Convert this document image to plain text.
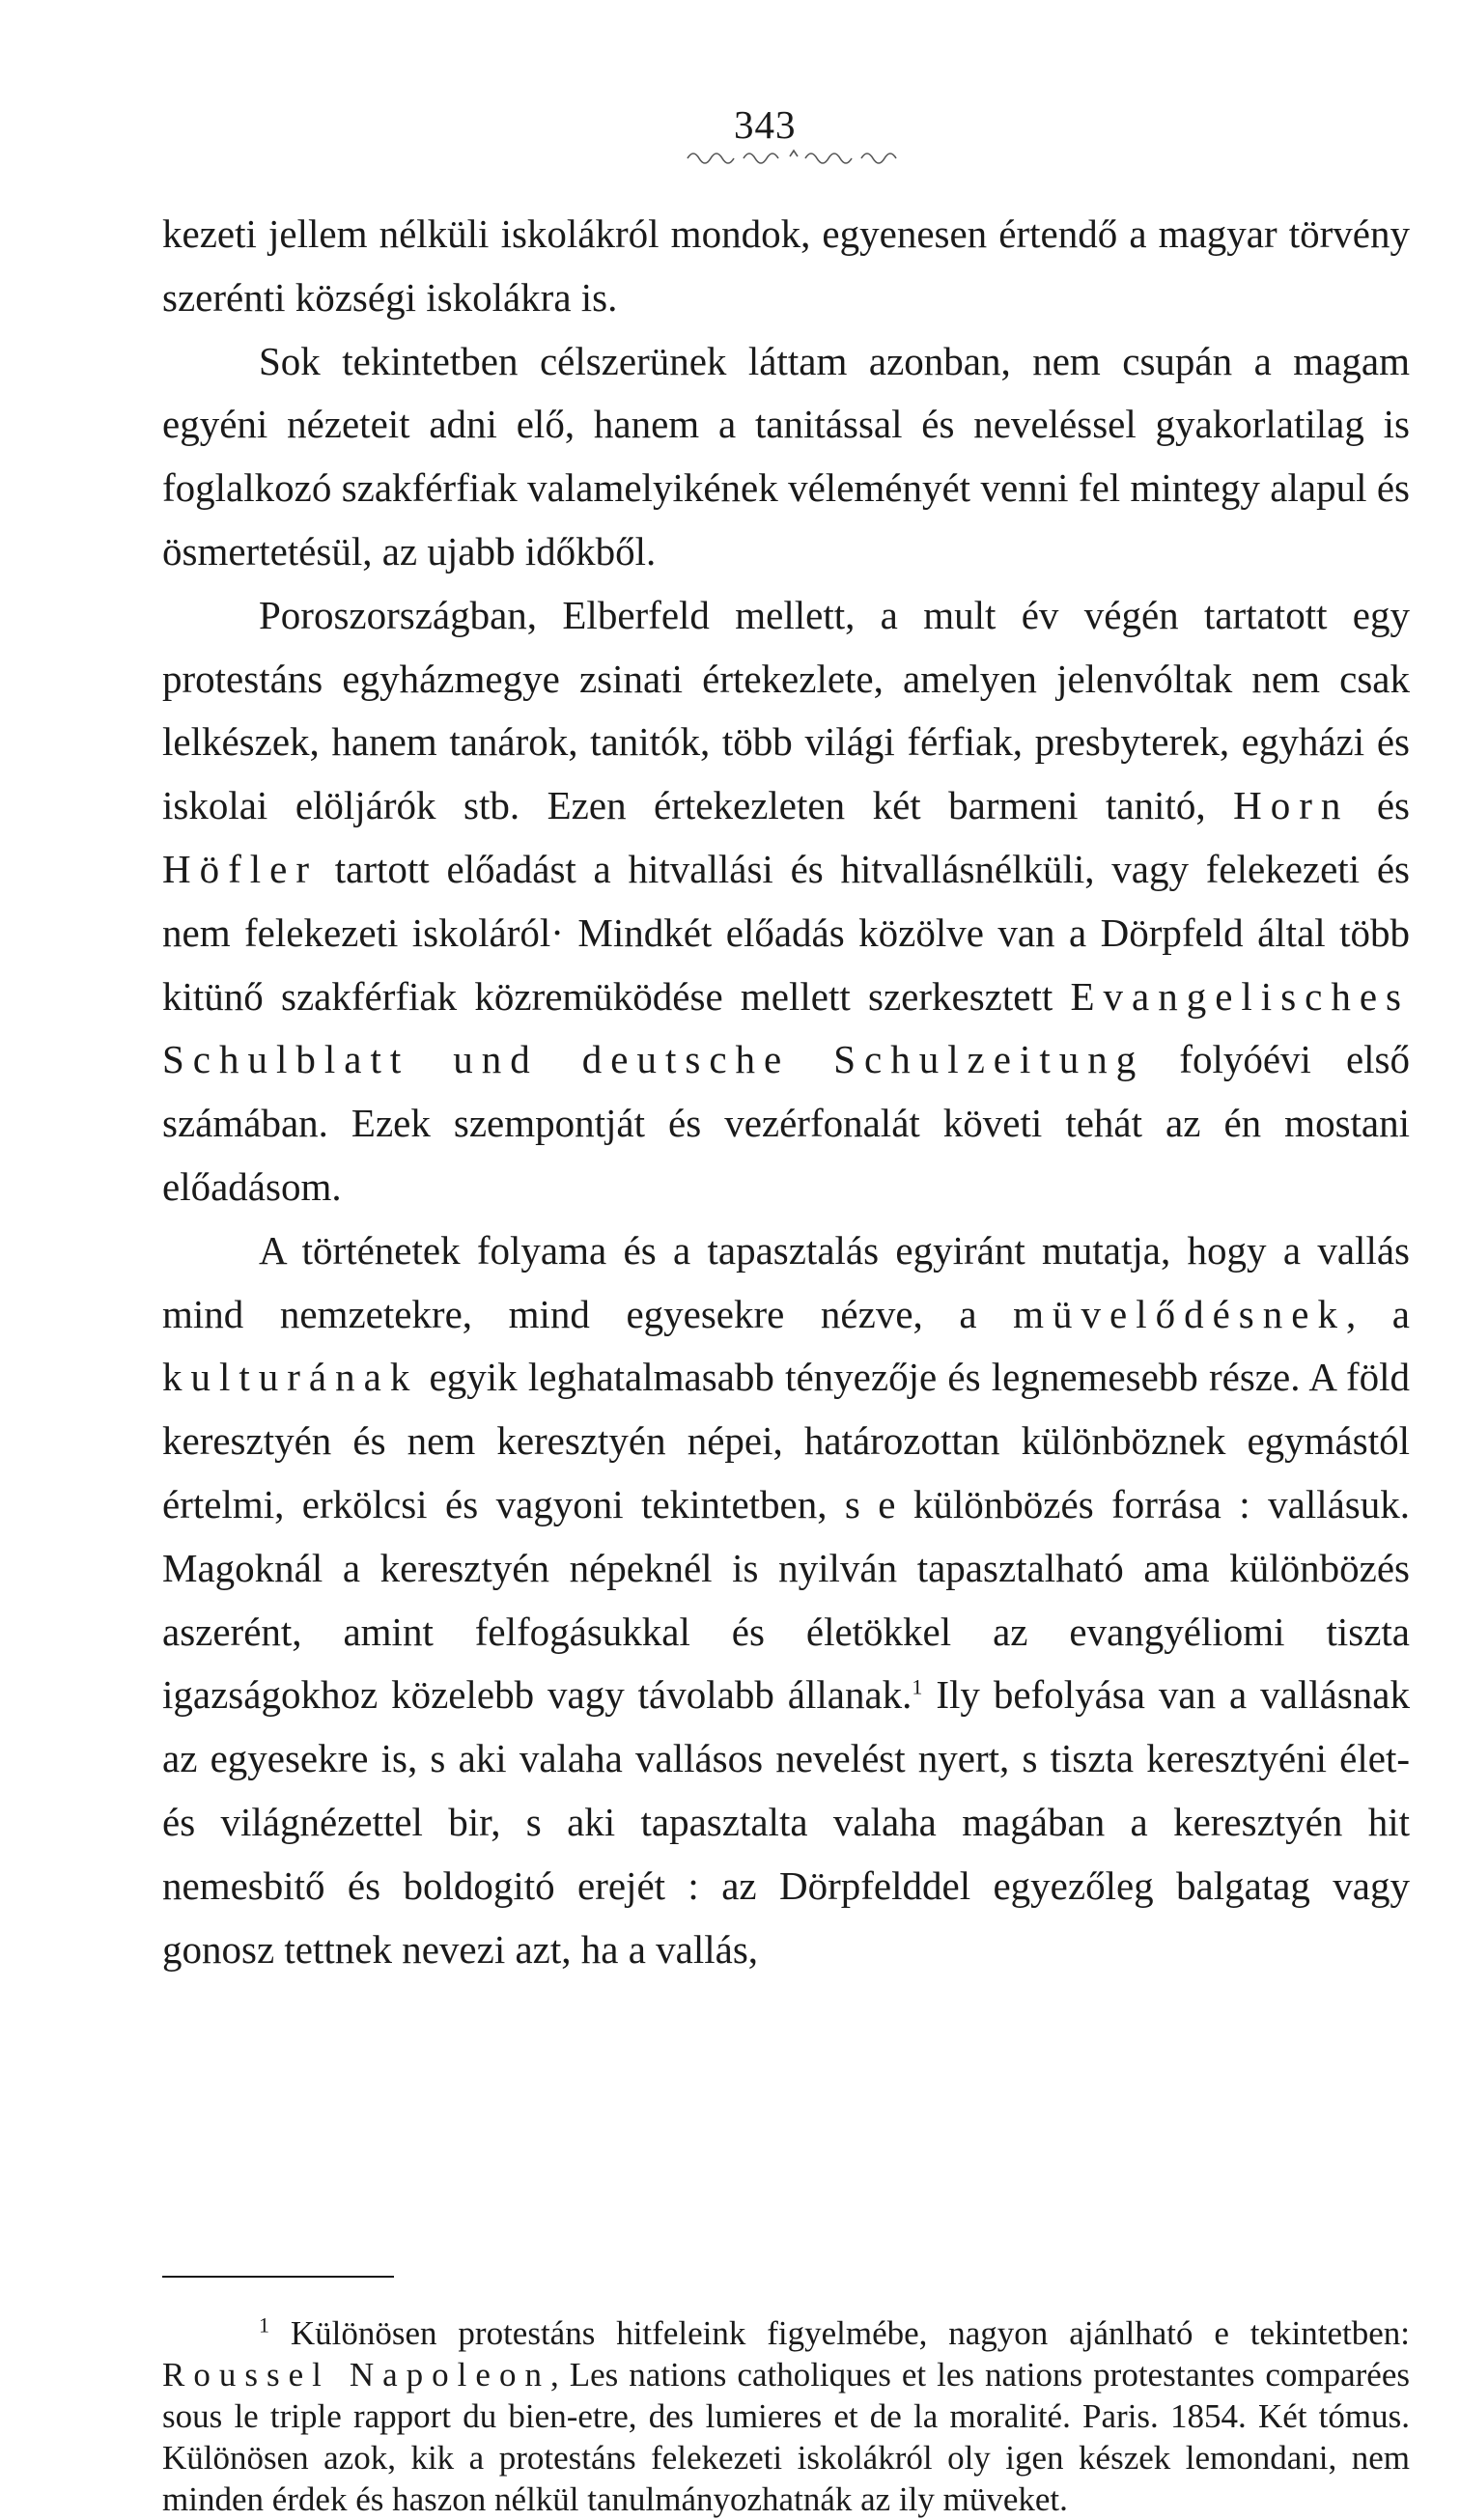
343

kezeti jellem nélküli iskolákról mondok, egyenesen értendő a magyar törvény szerénti községi iskolákra is.

Sok tekintetben célszerünek láttam azonban, nem csupán a magam egyéni nézeteit adni elő, hanem a tanitással és neveléssel gyakorlatilag is foglalkozó szakférfiak valamelyikének véleményét venni fel mintegy alapul és ösmertetésül, az ujabb időkből.

Poroszországban, Elberfeld mellett, a mult év végén tartatott egy protestáns egyházmegye zsinati értekezlete, amelyen jelenvóltak nem csak lelkészek, hanem tanárok, tanitók, több világi férfiak, presbyterek, egyházi és iskolai elöljárók stb. Ezen értekezleten két barmeni tanitó, Horn és Höfler tartott előadást a hitvallási és hitvallásnélküli, vagy felekezeti és nem felekezeti iskoláról· Mindkét előadás közölve van a Dörpfeld által több kitünő szakférfiak közremüködése mellett szerkesztett Evangelisches Schulblatt und deutsche Schulzeitung folyóévi első számában. Ezek szempontját és vezérfonalát követi tehát az én mostani előadásom.

A történetek folyama és a tapasztalás egyiránt mutatja, hogy a vallás mind nemzetekre, mind egyesekre nézve, a müvelődésnek, a kulturának egyik leghatalmasabb tényezője és legnemesebb része. A föld keresztyén és nem keresztyén népei, határozottan különböznek egymástól értelmi, erkölcsi és vagyoni tekintetben, s e különbözés forrása : vallásuk. Magoknál a keresztyén népeknél is nyilván tapasztalható ama különbözés aszerént, amint felfogásukkal és életökkel az evangyéliomi tiszta igazságokhoz közelebb vagy távolabb állanak.$^1$ Ily befolyása van a vallásnak az egyesekre is, s aki valaha vallásos nevelést nyert, s tiszta keresztyéni élet- és világnézettel bir, s aki tapasztalta valaha magában a keresztyén hit nemesbitő és boldogitó erejét : az Dörpfelddel egyezőleg balgatag vagy gonosz tettnek nevezi azt, ha a vallás,

$^1$ Különösen protestáns hitfeleink figyelmébe, nagyon ajánlható e tekintetben: Roussel Napoleon, Les nations catholiques et les nations protestantes comparées sous le triple rapport du bien-etre, des lumieres et de la moralité. Paris. 1854. Két tómus. Különösen azok, kik a protestáns felekezeti iskolákról oly igen készek lemondani, nem minden érdek és haszon nélkül tanulmányozhatnák az ily müveket.
